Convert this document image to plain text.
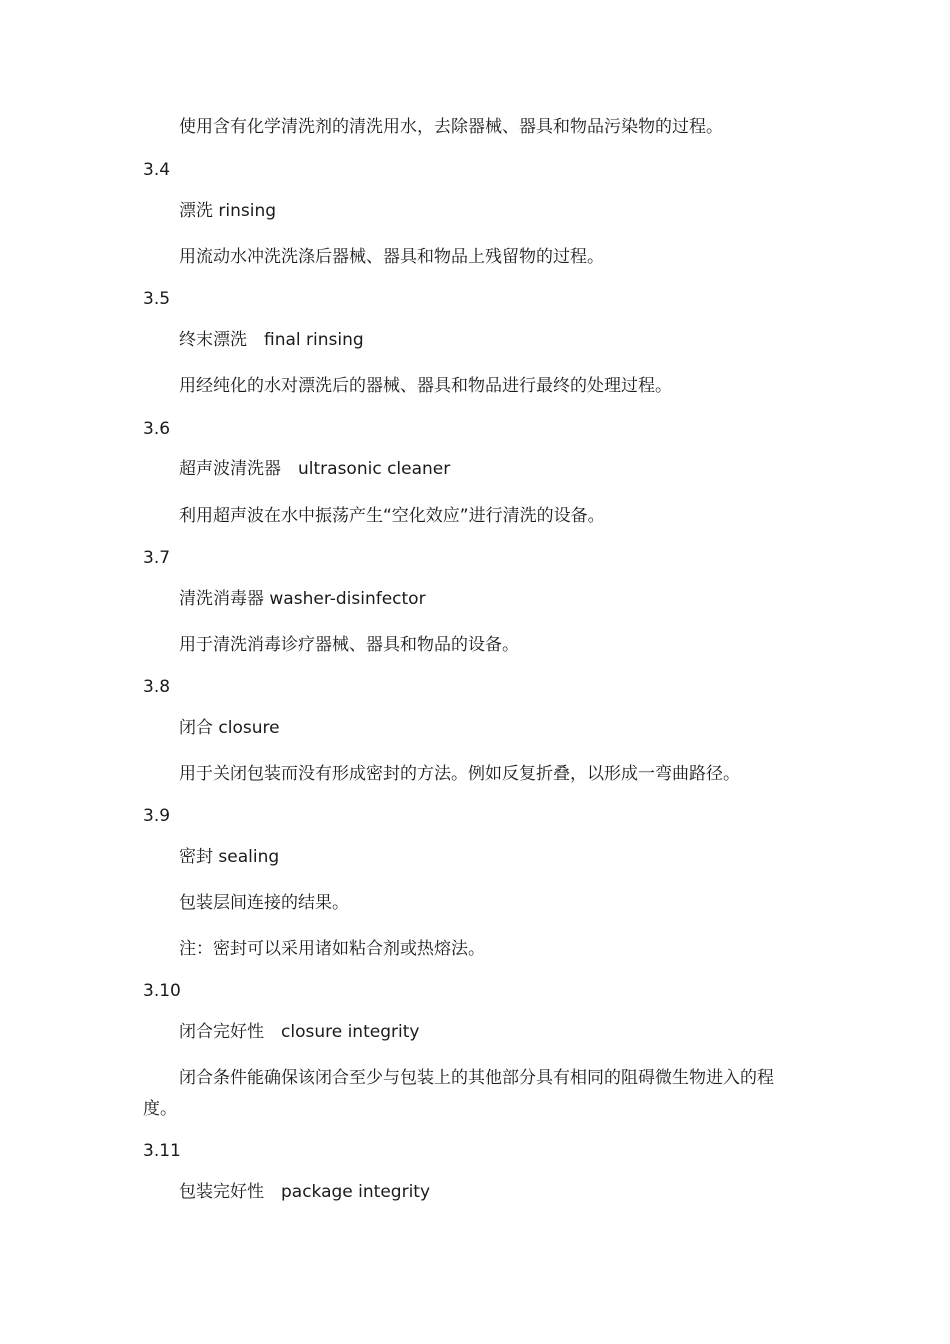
使用含有化学清洗剂的清洗用水，去除器械、器具和物品污染物的过程。

3.4

漂洗 rinsing

用流动水冲洗洗涤后器械、器具和物品上残留物的过程。

3.5

终末漂洗　final rinsing

用经纯化的水对漂洗后的器械、器具和物品进行最终的处理过程。

3.6

超声波清洗器　ultrasonic cleaner

利用超声波在水中振荡产生“空化效应”进行清洗的设备。

3.7

清洗消毒器 washer-disinfector

用于清洗消毒诊疗器械、器具和物品的设备。

3.8

闭合 closure

用于关闭包装而没有形成密封的方法。例如反复折叠，以形成一弯曲路径。

3.9

密封 sealing

包装层间连接的结果。

注：密封可以采用诸如粘合剂或热熔法。

3.10

闭合完好性　closure integrity

闭合条件能确保该闭合至少与包装上的其他部分具有相同的阻碍微生物进入的程

度。

3.11

包装完好性　package integrity
